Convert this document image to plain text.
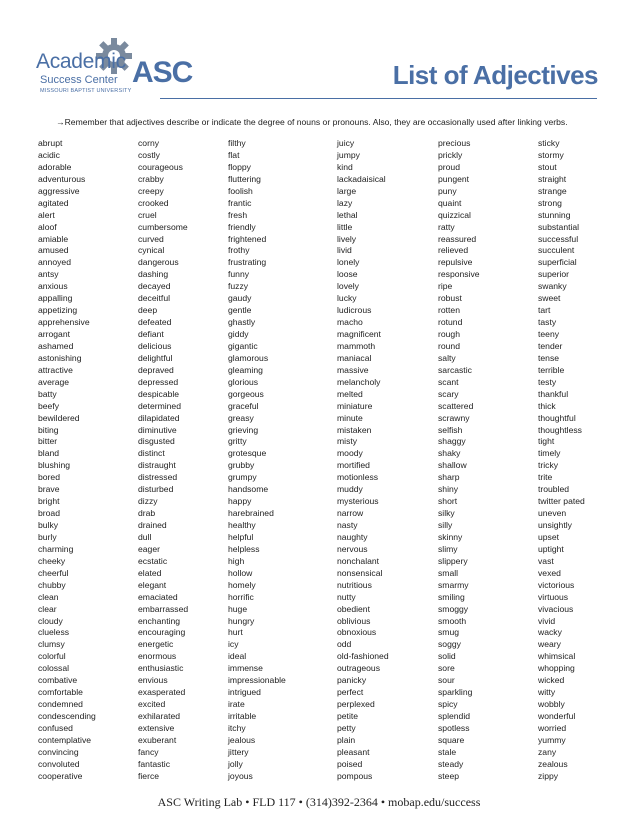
Academic
Success Center
MISSOURI BAPTIST UNIVERSITY
ASC	List of Adjectives
→Remember that adjectives describe or indicate the degree of nouns or pronouns. Also, they are occasionally used after linking verbs.
abrupt
acidic
adorable
adventurous
aggressive
agitated
alert
aloof
amiable
amused
annoyed
antsy
anxious
appalling
appetizing
apprehensive
arrogant
ashamed
astonishing
attractive
average
batty
beefy
bewildered
biting
bitter
bland
blushing
bored
brave
bright
broad
bulky
burly
charming
cheeky
cheerful
chubby
clean
clear
cloudy
clueless
clumsy
colorful
colossal
combative
comfortable
condemned
condescending
confused
contemplative
convincing
convoluted
cooperative
corny
costly
courageous
crabby
creepy
crooked
cruel
cumbersome
curved
cynical
dangerous
dashing
decayed
deceitful
deep
defeated
defiant
delicious
delightful
depraved
depressed
despicable
determined
dilapidated
diminutive
disgusted
distinct
distraught
distressed
disturbed
dizzy
drab
drained
dull
eager
ecstatic
elated
elegant
emaciated
embarrassed
enchanting
encouraging
energetic
enormous
enthusiastic
envious
exasperated
excited
exhilarated
extensive
exuberant
fancy
fantastic
fierce
filthy
flat
floppy
fluttering
foolish
frantic
fresh
friendly
frightened
frothy
frustrating
funny
fuzzy
gaudy
gentle
ghastly
giddy
gigantic
glamorous
gleaming
glorious
gorgeous
graceful
greasy
grieving
gritty
grotesque
grubby
grumpy
handsome
happy
harebrained
healthy
helpful
helpless
high
hollow
homely
horrific
huge
hungry
hurt
icy
ideal
immense
impressionable
intrigued
irate
irritable
itchy
jealous
jittery
jolly
joyous
juicy
jumpy
kind
lackadaisical
large
lazy
lethal
little
lively
livid
lonely
loose
lovely
lucky
ludicrous
macho
magnificent
mammoth
maniacal
massive
melancholy
melted
miniature
minute
mistaken
misty
moody
mortified
motionless
muddy
mysterious
narrow
nasty
naughty
nervous
nonchalant
nonsensical
nutritious
nutty
obedient
oblivious
obnoxious
odd
old-fashioned
outrageous
panicky
perfect
perplexed
petite
petty
plain
pleasant
poised
pompous
precious
prickly
proud
pungent
puny
quaint
quizzical
ratty
reassured
relieved
repulsive
responsive
ripe
robust
rotten
rotund
rough
round
salty
sarcastic
scant
scary
scattered
scrawny
selfish
shaggy
shaky
shallow
sharp
shiny
short
silky
silly
skinny
slimy
slippery
small
smarmy
smiling
smoggy
smooth
smug
soggy
solid
sore
sour
sparkling
spicy
splendid
spotless
square
stale
steady
steep
sticky
stormy
stout
straight
strange
strong
stunning
substantial
successful
succulent
superficial
superior
swanky
sweet
tart
tasty
teeny
tender
tense
terrible
testy
thankful
thick
thoughtful
thoughtless
tight
timely
tricky
trite
troubled
twitter pated
uneven
unsightly
upset
uptight
vast
vexed
victorious
virtuous
vivacious
vivid
wacky
weary
whimsical
whopping
wicked
witty
wobbly
wonderful
worried
yummy
zany
zealous
zippy
ASC Writing Lab • FLD 117 • (314)392-2364 • mobap.edu/success
